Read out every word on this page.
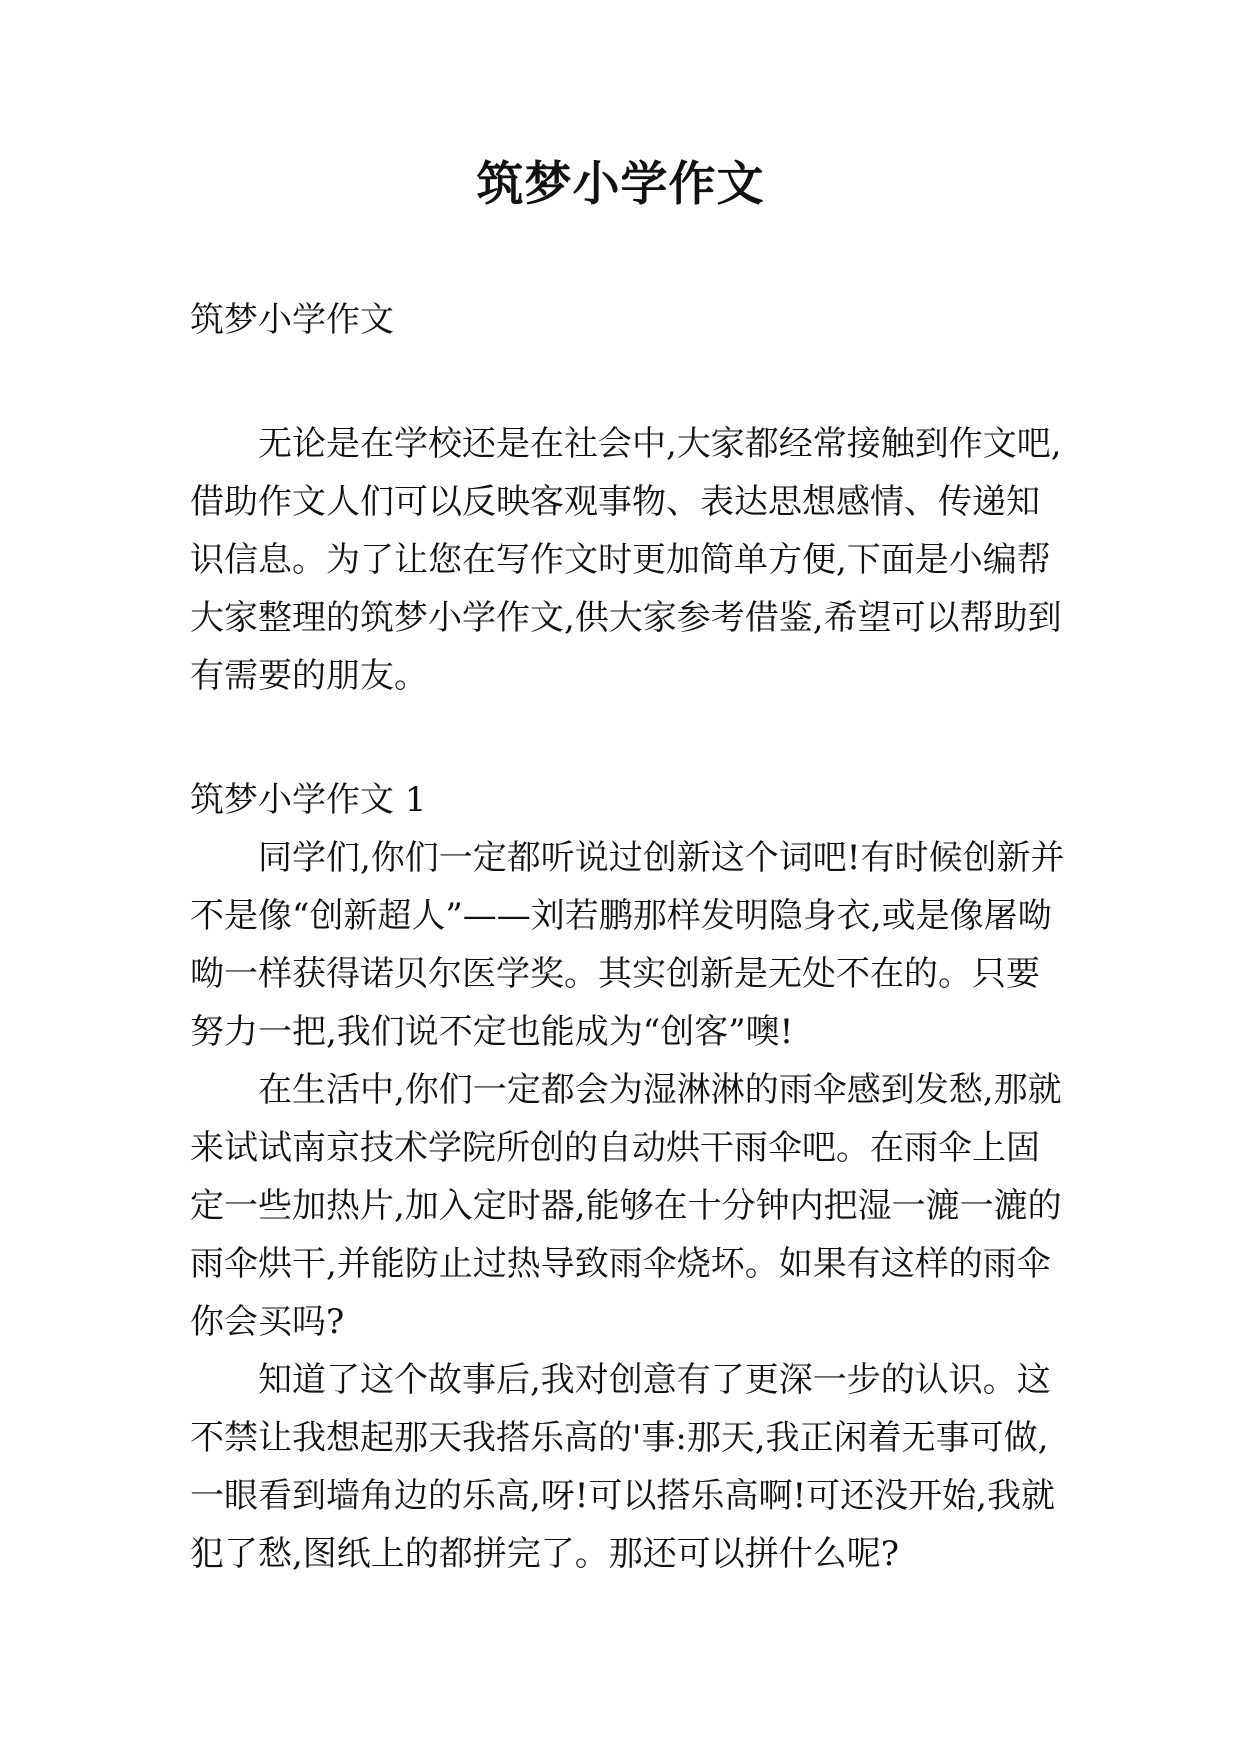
筑梦小学作文

筑梦小学作文

无论是在学校还是在社会中,大家都经常接触到作文吧,借助作文人们可以反映客观事物、表达思想感情、传递知识信息。为了让您在写作文时更加简单方便,下面是小编帮大家整理的筑梦小学作文,供大家参考借鉴,希望可以帮助到有需要的朋友。

筑梦小学作文 1

同学们,你们一定都听说过创新这个词吧!有时候创新并不是像“创新超人”——刘若鹏那样发明隐身衣,或是像屠呦呦一样获得诺贝尔医学奖。其实创新是无处不在的。只要努力一把,我们说不定也能成为“创客”噢!

在生活中,你们一定都会为湿淋淋的雨伞感到发愁,那就来试试南京技术学院所创的自动烘干雨伞吧。在雨伞上固定一些加热片,加入定时器,能够在十分钟内把湿一漉一漉的雨伞烘干,并能防止过热导致雨伞烧坏。如果有这样的雨伞你会买吗?

知道了这个故事后,我对创意有了更深一步的认识。这不禁让我想起那天我搭乐高的'事:那天,我正闲着无事可做,一眼看到墙角边的乐高,呀!可以搭乐高啊!可还没开始,我就犯了愁,图纸上的都拼完了。那还可以拼什么呢?
